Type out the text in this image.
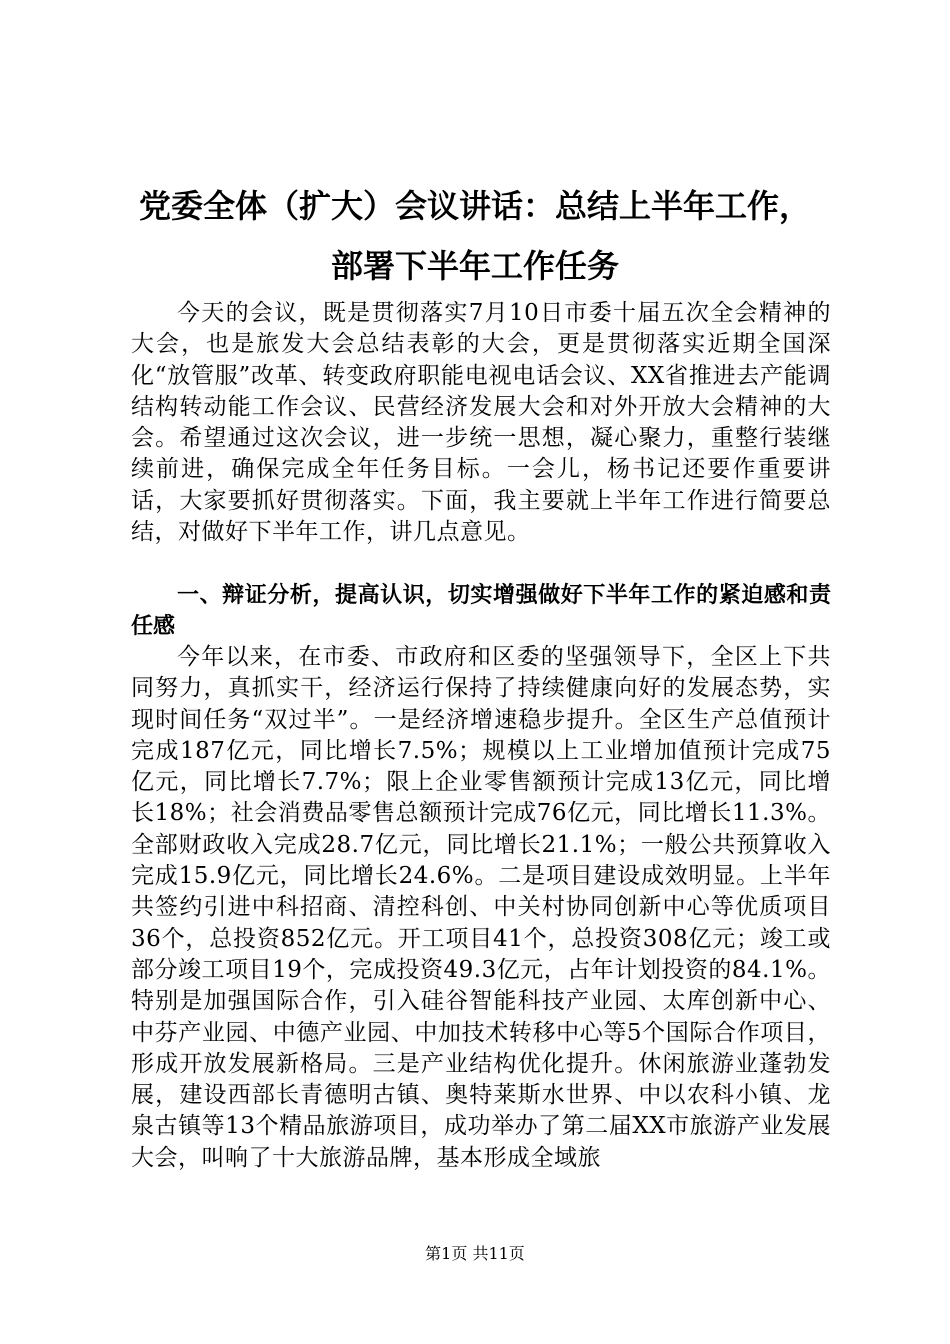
党委全体（扩大）会议讲话：总结上半年工作，
部署下半年工作任务
今天的会议，既是贯彻落实7月10日市委十届五次全会精神的大会，也是旅发大会总结表彰的大会，更是贯彻落实近期全国深化“放管服”改革、转变政府职能电视电话会议、XX省推进去产能调结构转动能工作会议、民营经济发展大会和对外开放大会精神的大会。希望通过这次会议，进一步统一思想，凝心聚力，重整行装继续前进，确保完成全年任务目标。一会儿，杨书记还要作重要讲话，大家要抓好贯彻落实。下面，我主要就上半年工作进行简要总结，对做好下半年工作，讲几点意见。
一、辩证分析，提高认识，切实增强做好下半年工作的紧迫感和责任感
今年以来，在市委、市政府和区委的坚强领导下，全区上下共同努力，真抓实干，经济运行保持了持续健康向好的发展态势，实现时间任务“双过半”。一是经济增速稳步提升。全区生产总值预计完成187亿元，同比增长7.5%；规模以上工业增加值预计完成75亿元，同比增长7.7%；限上企业零售额预计完成13亿元，同比增长18%；社会消费品零售总额预计完成76亿元，同比增长11.3%。全部财政收入完成28.7亿元，同比增长21.1%；一般公共预算收入完成15.9亿元，同比增长24.6%。二是项目建设成效明显。上半年共签约引进中科招商、清控科创、中关村协同创新中心等优质项目36个，总投资852亿元。开工项目41个，总投资308亿元；竣工或部分竣工项目19个，完成投资49.3亿元，占年计划投资的84.1%。特别是加强国际合作，引入硅谷智能科技产业园、太库创新中心、中芬产业园、中德产业园、中加技术转移中心等5个国际合作项目，形成开放发展新格局。三是产业结构优化提升。休闲旅游业蓬勃发展，建设西部长青德明古镇、奥特莱斯水世界、中以农科小镇、龙泉古镇等13个精品旅游项目，成功举办了第二届XX市旅游产业发展大会，叫响了十大旅游品牌，基本形成全域旅
第1页 共11页
